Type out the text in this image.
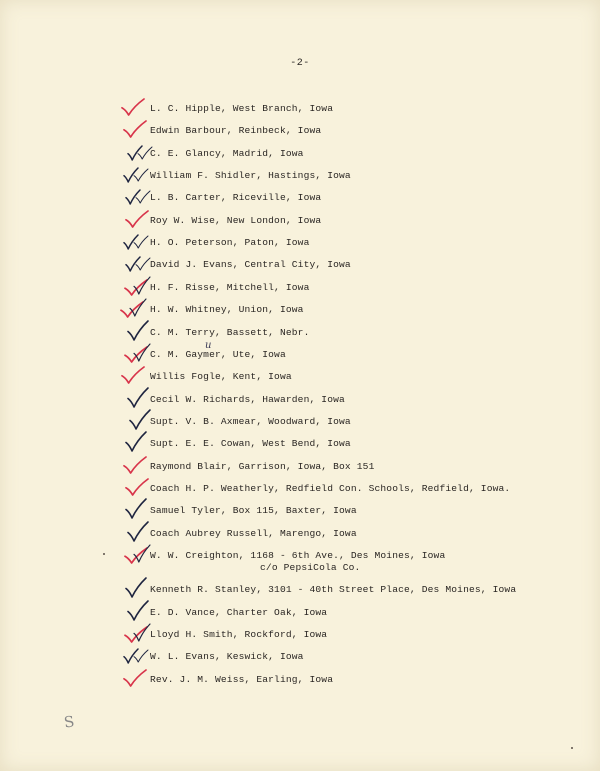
-2-
L. C. Hipple, West Branch, Iowa
Edwin Barbour, Reinbeck, Iowa
C. E. Glancy, Madrid, Iowa
William F. Shidler, Hastings, Iowa
L. B. Carter, Riceville, Iowa
Roy W. Wise, New London, Iowa
H. O. Peterson, Paton, Iowa
David J. Evans, Central City, Iowa
H. F. Risse, Mitchell, Iowa
H. W. Whitney, Union, Iowa
C. M. Terry, Bassett, Nebr.
C. M. Gaymer, Ute, Iowa
u
Willis Fogle, Kent, Iowa
Cecil W. Richards, Hawarden, Iowa
Supt. V. B. Axmear, Woodward, Iowa
Supt. E. E. Cowan, West Bend, Iowa
Raymond Blair, Garrison, Iowa, Box 151
Coach H. P. Weatherly, Redfield Con. Schools, Redfield, Iowa.
Samuel Tyler, Box 115, Baxter, Iowa
Coach Aubrey Russell, Marengo, Iowa
W. W. Creighton, 1168 - 6th Ave., Des Moines, Iowa
c/o PepsiCola Co.
Kenneth R. Stanley, 3101 - 40th Street Place, Des Moines, Iowa
E. D. Vance, Charter Oak, Iowa
Lloyd H. Smith, Rockford, Iowa
W. L. Evans, Keswick, Iowa
Rev. J. M. Weiss, Earling, Iowa
S
